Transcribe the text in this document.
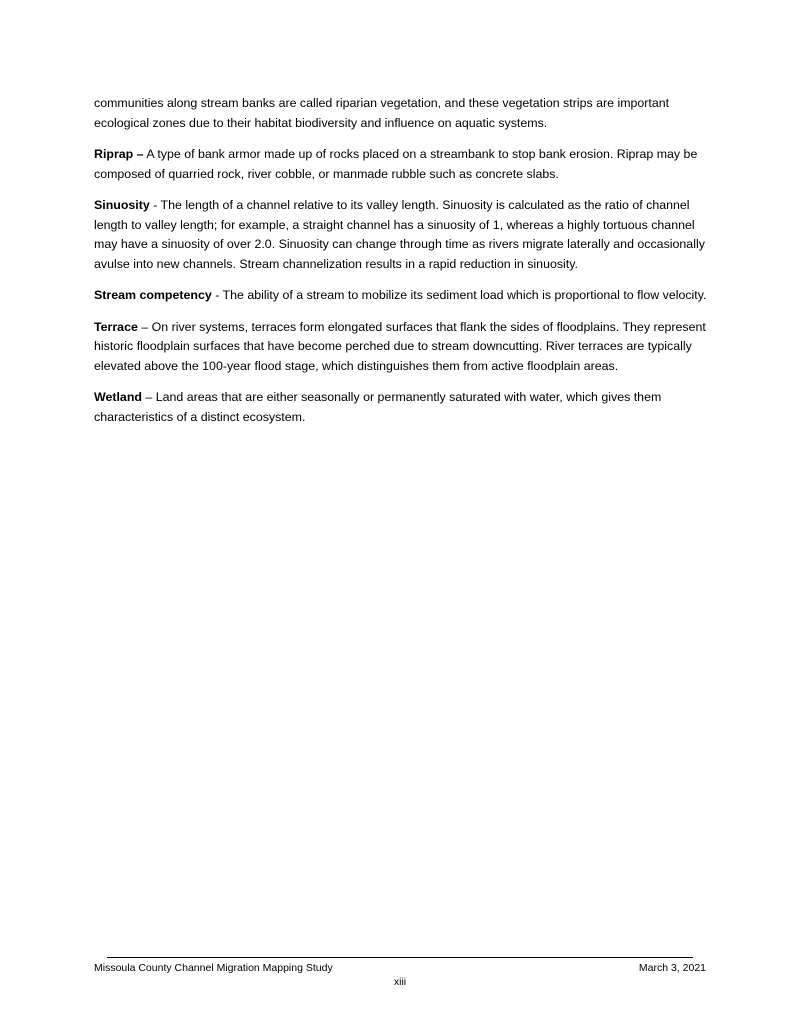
communities along stream banks are called riparian vegetation, and these vegetation strips are important ecological zones due to their habitat biodiversity and influence on aquatic systems.

Riprap – A type of bank armor made up of rocks placed on a streambank to stop bank erosion. Riprap may be composed of quarried rock, river cobble, or manmade rubble such as concrete slabs.

Sinuosity - The length of a channel relative to its valley length. Sinuosity is calculated as the ratio of channel length to valley length; for example, a straight channel has a sinuosity of 1, whereas a highly tortuous channel may have a sinuosity of over 2.0. Sinuosity can change through time as rivers migrate laterally and occasionally avulse into new channels. Stream channelization results in a rapid reduction in sinuosity.

Stream competency - The ability of a stream to mobilize its sediment load which is proportional to flow velocity.

Terrace – On river systems, terraces form elongated surfaces that flank the sides of floodplains. They represent historic floodplain surfaces that have become perched due to stream downcutting. River terraces are typically elevated above the 100-year flood stage, which distinguishes them from active floodplain areas.

Wetland – Land areas that are either seasonally or permanently saturated with water, which gives them characteristics of a distinct ecosystem.

Missoula County Channel Migration Mapping Study	March 3, 2021
xiii
